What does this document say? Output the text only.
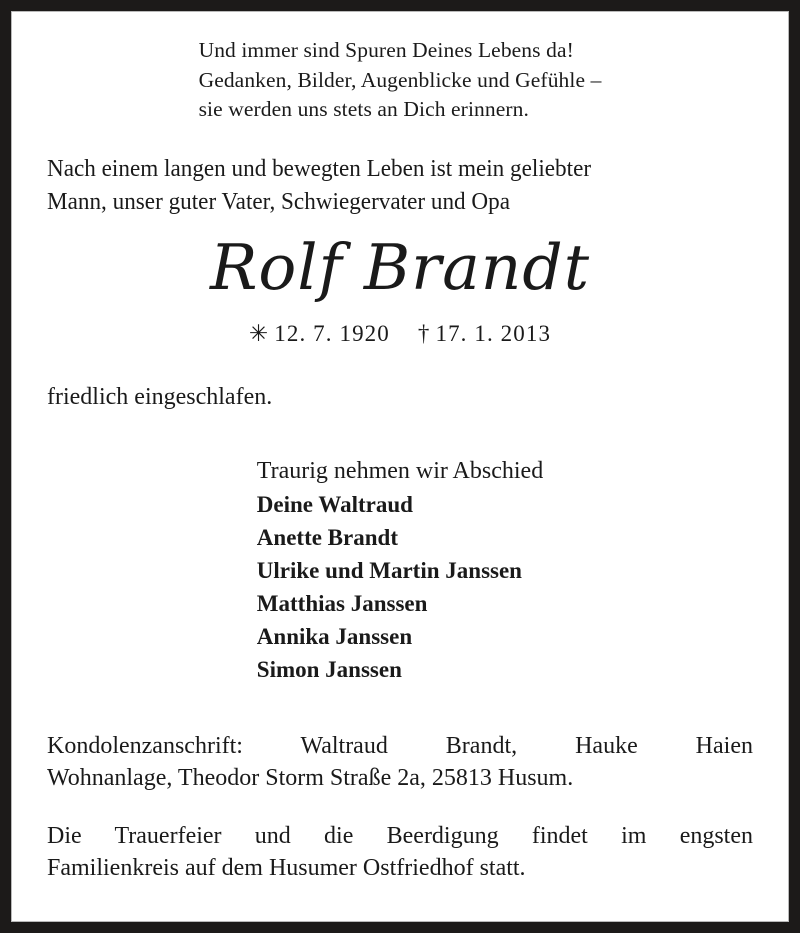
Und immer sind Spuren Deines Lebens da!
Gedanken, Bilder, Augenblicke und Gefühle –
sie werden uns stets an Dich erinnern.
Nach einem langen und bewegten Leben ist mein geliebter
Mann, unser guter Vater, Schwiegervater und Opa
Rolf Brandt
✳ 12. 7. 1920 † 17. 1. 2013
friedlich eingeschlafen.
Traurig nehmen wir Abschied
Deine Waltraud
Anette Brandt
Ulrike und Martin Janssen
Matthias Janssen
Annika Janssen
Simon Janssen
Kondolenzanschrift: Waltraud Brandt, Hauke Haien
Wohnanlage, Theodor Storm Straße 2a, 25813 Husum.
Die Trauerfeier und die Beerdigung findet im engsten
Familienkreis auf dem Husumer Ostfriedhof statt.
